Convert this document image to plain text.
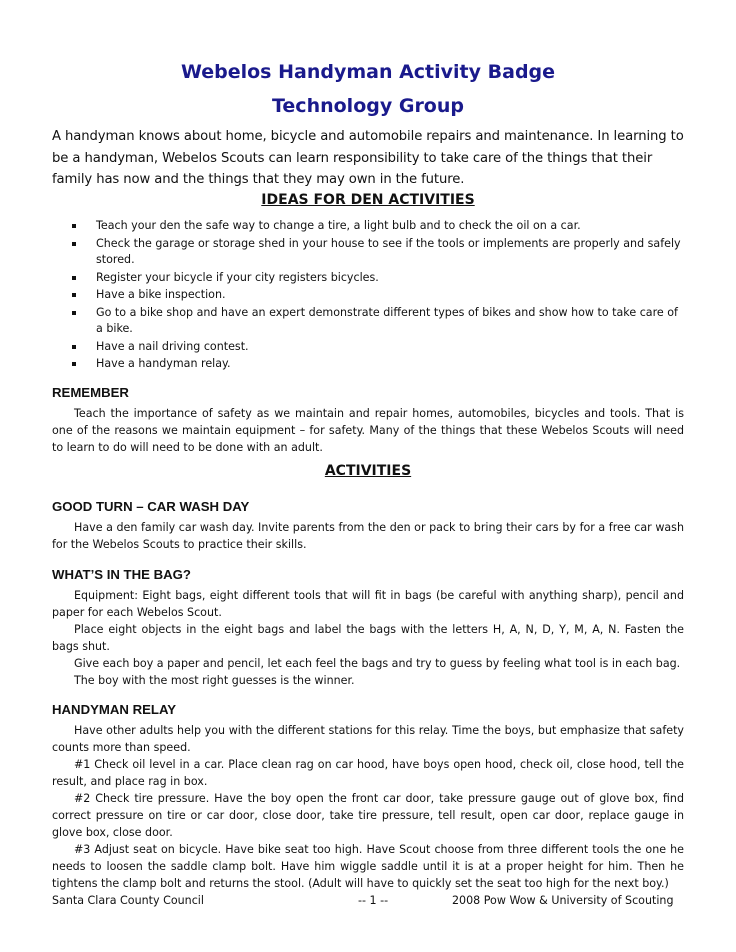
Webelos Handyman Activity Badge
Technology Group
A handyman knows about home, bicycle and automobile repairs and maintenance. In learning to be a handyman, Webelos Scouts can learn responsibility to take care of the things that their family has now and the things that they may own in the future.
IDEAS FOR DEN ACTIVITIES
Teach your den the safe way to change a tire, a light bulb and to check the oil on a car.
Check the garage or storage shed in your house to see if the tools or implements are properly and safely stored.
Register your bicycle if your city registers bicycles.
Have a bike inspection.
Go to a bike shop and have an expert demonstrate different types of bikes and show how to take care of a bike.
Have a nail driving contest.
Have a handyman relay.
REMEMBER

Teach the importance of safety as we maintain and repair homes, automobiles, bicycles and tools. That is one of the reasons we maintain equipment – for safety. Many of the things that these Webelos Scouts will need to learn to do will need to be done with an adult.

ACTIVITIES
GOOD TURN – CAR WASH DAY

Have a den family car wash day. Invite parents from the den or pack to bring their cars by for a free car wash for the Webelos Scouts to practice their skills.

WHAT’S IN THE BAG?

Equipment: Eight bags, eight different tools that will fit in bags (be careful with anything sharp), pencil and paper for each Webelos Scout.

Place eight objects in the eight bags and label the bags with the letters H, A, N, D, Y, M, A, N. Fasten the bags shut.

Give each boy a paper and pencil, let each feel the bags and try to guess by feeling what tool is in each bag.

The boy with the most right guesses is the winner.

HANDYMAN RELAY

Have other adults help you with the different stations for this relay. Time the boys, but emphasize that safety counts more than speed.

#1 Check oil level in a car. Place clean rag on car hood, have boys open hood, check oil, close hood, tell the result, and place rag in box.

#2 Check tire pressure. Have the boy open the front car door, take pressure gauge out of glove box, find correct pressure on tire or car door, close door, take tire pressure, tell result, open car door, replace gauge in glove box, close door.

#3 Adjust seat on bicycle. Have bike seat too high. Have Scout choose from three different tools the one he needs to loosen the saddle clamp bolt. Have him wiggle saddle until it is at a proper height for him. Then he tightens the clamp bolt and returns the stool. (Adult will have to quickly set the seat too high for the next boy.)

Santa Clara County Council	-- 1 --	2008 Pow Wow & University of Scouting
